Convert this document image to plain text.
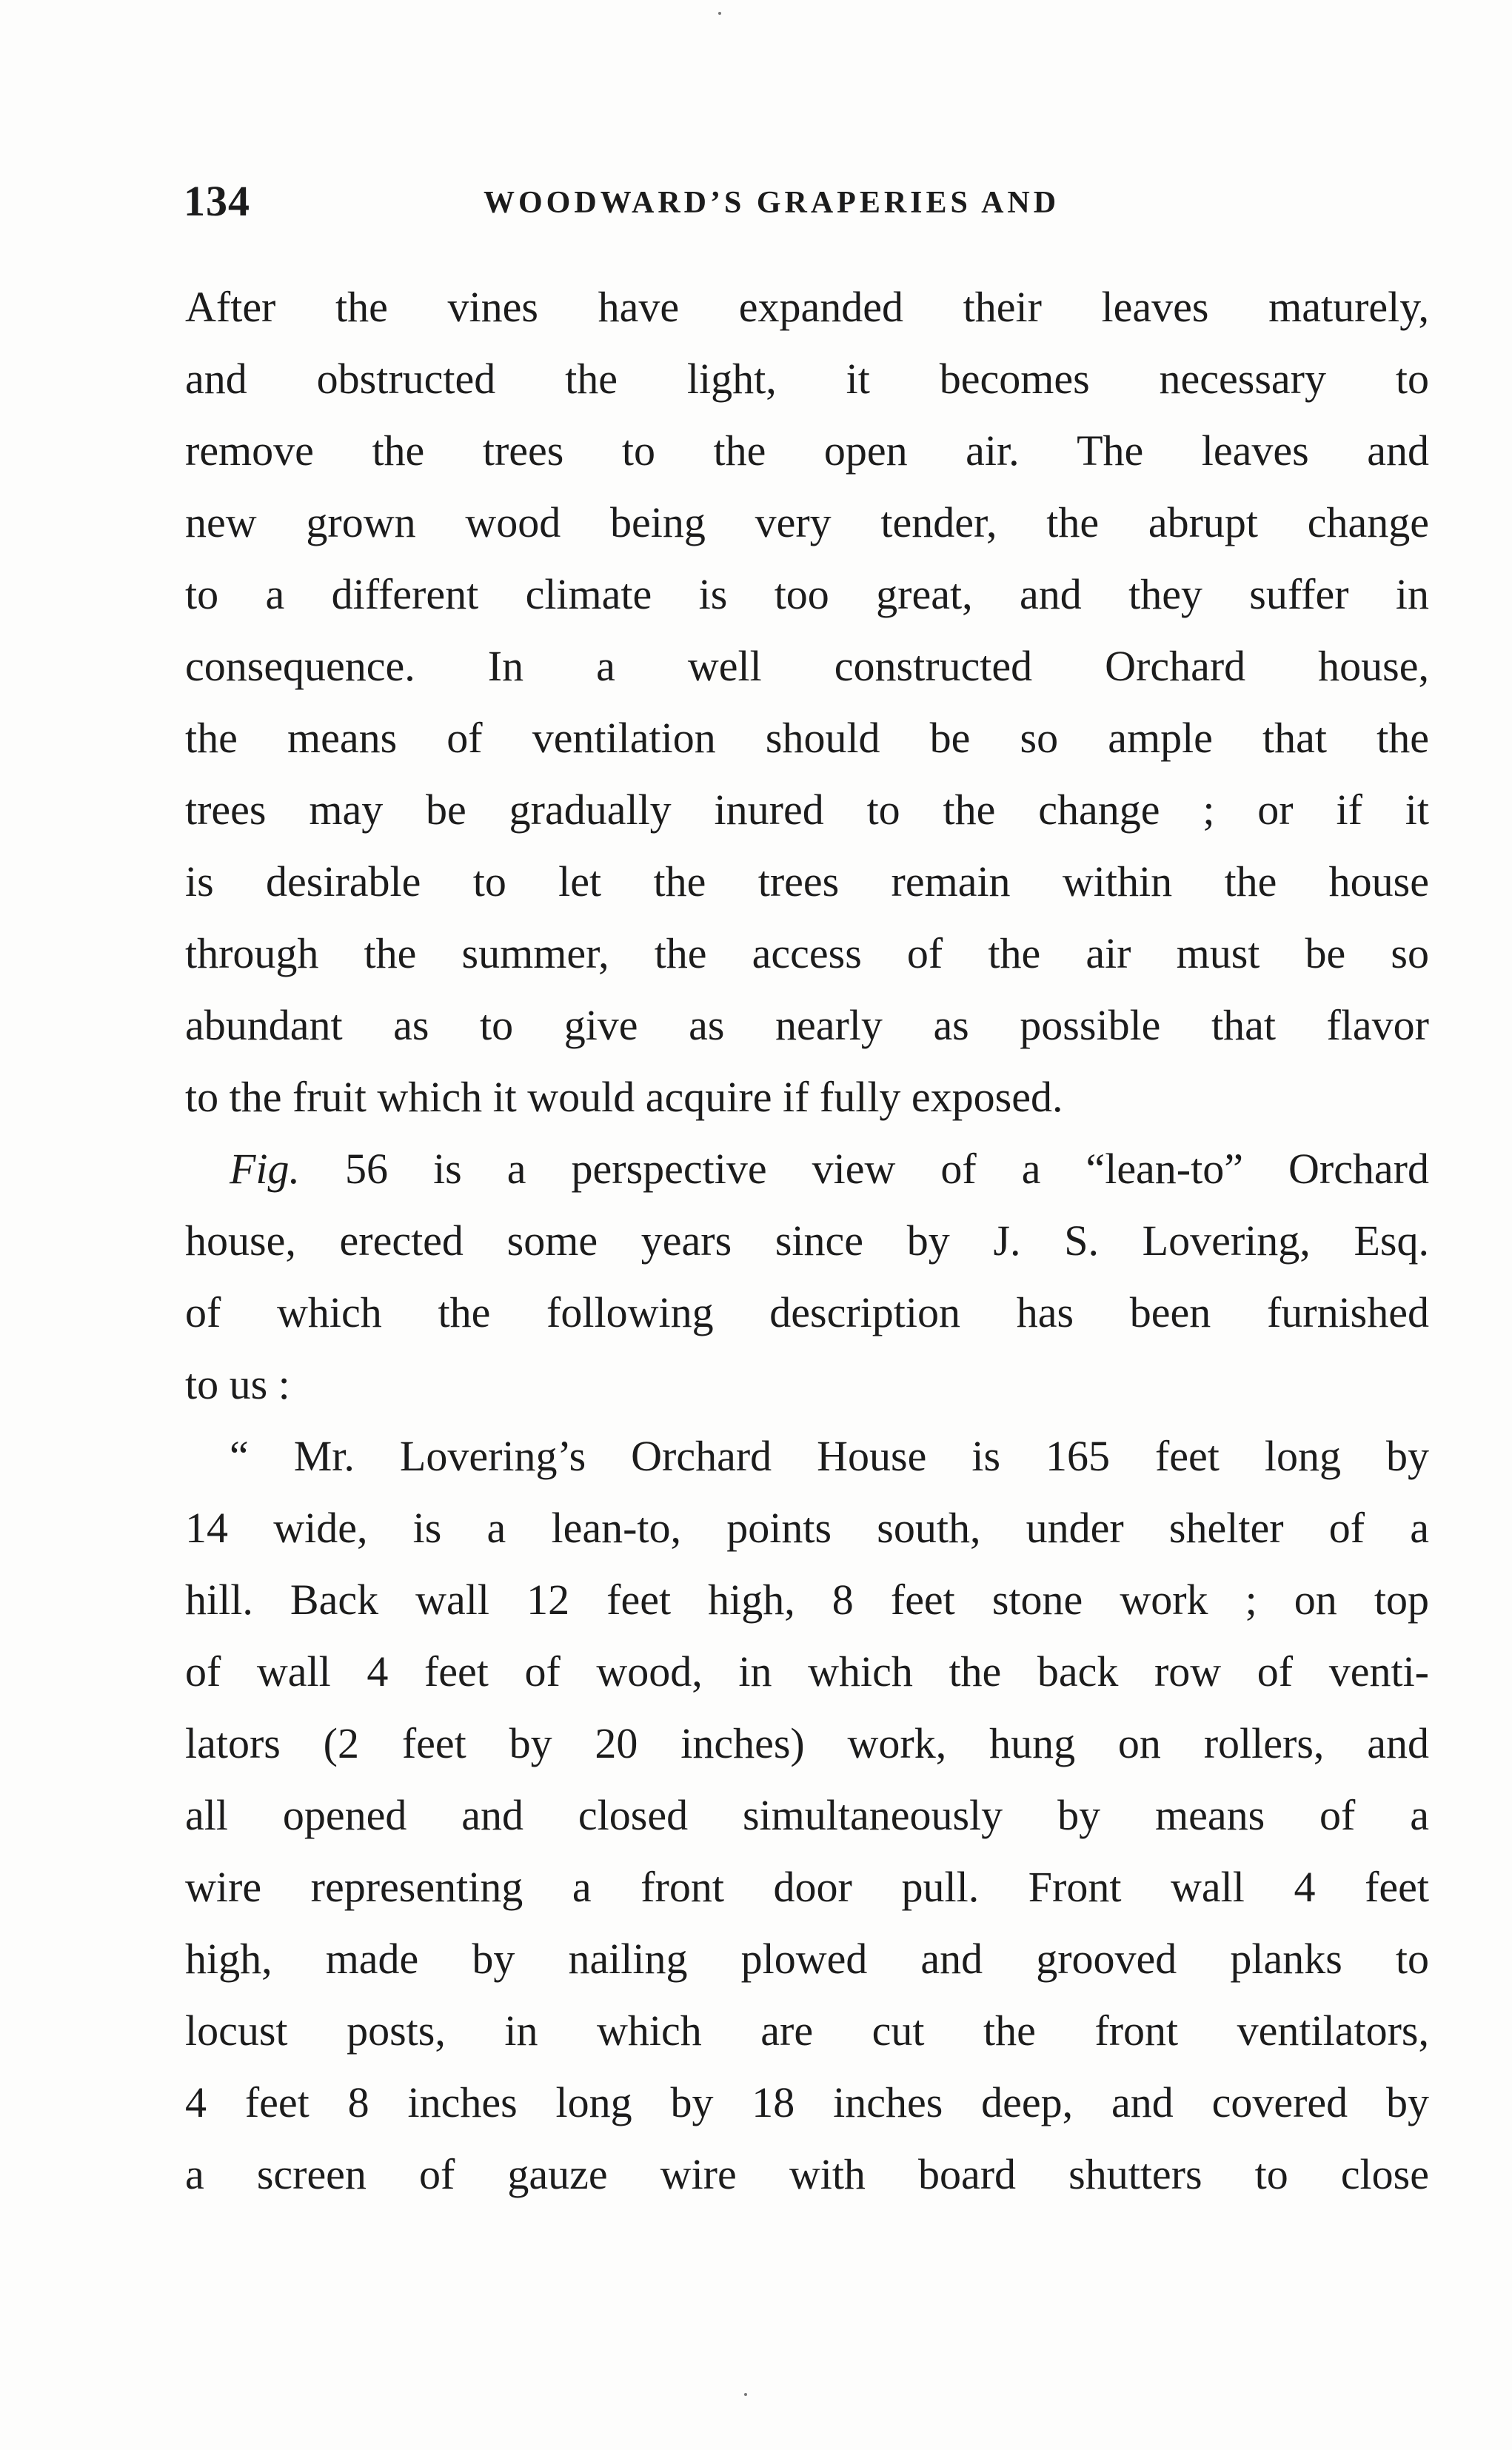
134	WOODWARD’S GRAPERIES AND
After the vines have expanded their leaves maturely,
and obstructed the light, it becomes necessary to
remove the trees to the open air. The leaves and
new grown wood being very tender, the abrupt change
to a different climate is too great, and they suffer in
consequence. In a well constructed Orchard house,
the means of ventilation should be so ample that the
trees may be gradually inured to the change ; or if it
is desirable to let the trees remain within the house
through the summer, the access of the air must be so
abundant as to give as nearly as possible that flavor
to the fruit which it would acquire if fully exposed.
Fig. 56 is a perspective view of a “lean-to” Orchard
house, erected some years since by J. S. Lovering, Esq.
of which the following description has been furnished
to us :
“ Mr. Lovering’s Orchard House is 165 feet long by
14 wide, is a lean-to, points south, under shelter of a
hill. Back wall 12 feet high, 8 feet stone work ; on top
of wall 4 feet of wood, in which the back row of venti-
lators (2 feet by 20 inches) work, hung on rollers, and
all opened and closed simultaneously by means of a
wire representing a front door pull. Front wall 4 feet
high, made by nailing plowed and grooved planks to
locust posts, in which are cut the front ventilators,
4 feet 8 inches long by 18 inches deep, and covered by
a screen of gauze wire with board shutters to close
